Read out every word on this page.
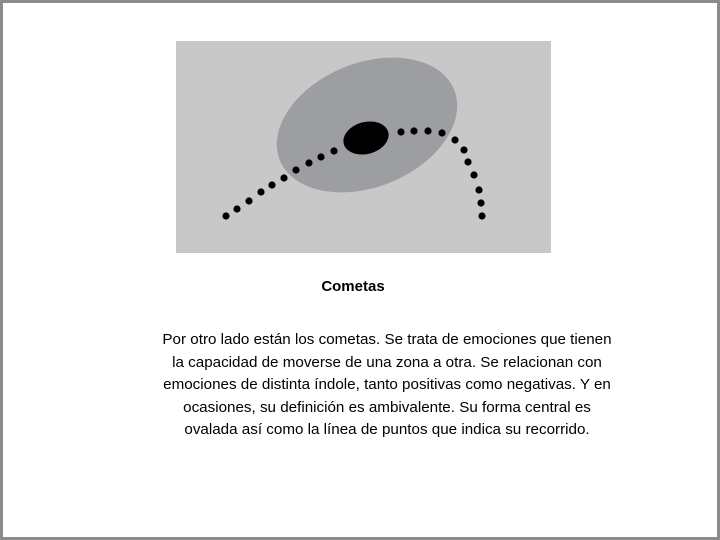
Cometas

Por otro lado están los cometas. Se trata de emociones que tienen la capacidad de moverse de una zona a otra. Se relacionan con emociones de distinta índole, tanto positivas como negativas. Y en ocasiones, su definición es ambivalente. Su forma central es ovalada así como la línea de puntos que indica su recorrido.
